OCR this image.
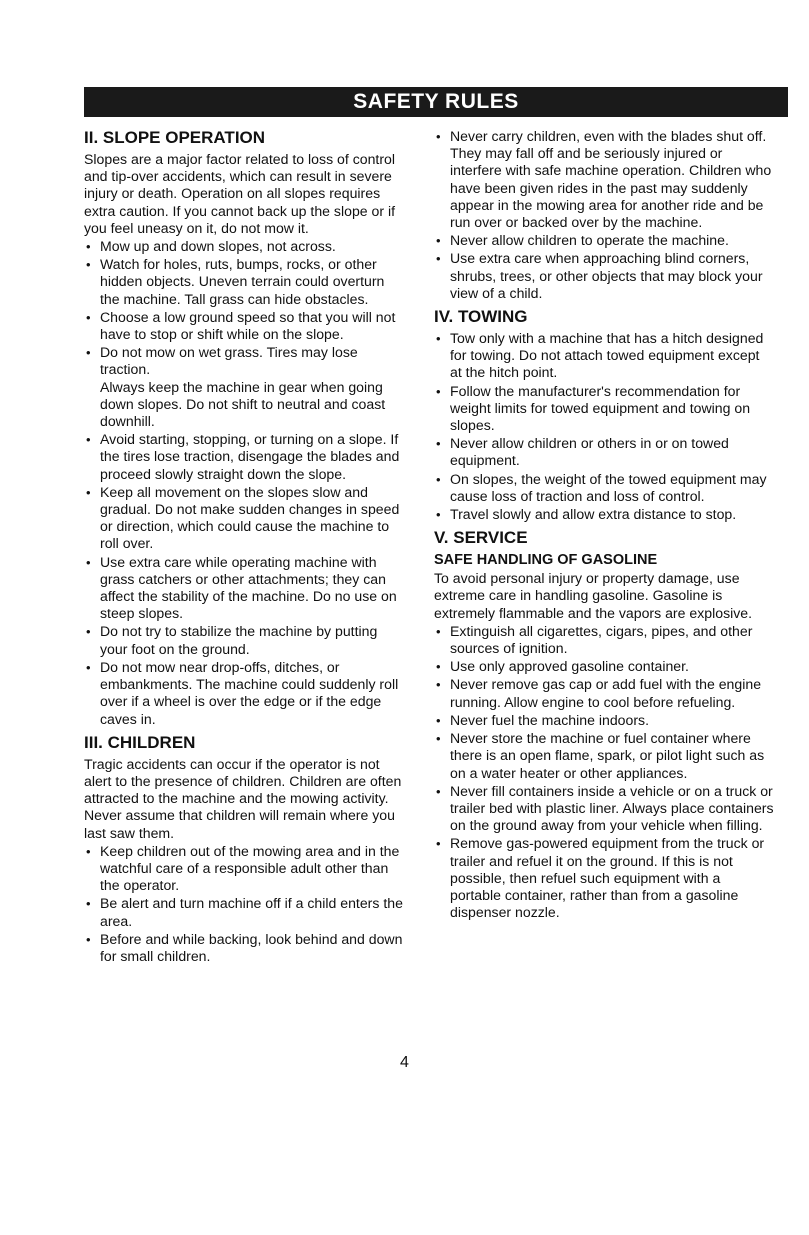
SAFETY RULES
II. SLOPE OPERATION

Slopes are a major factor related to loss of control and tip-over accidents, which can result in severe injury or death. Operation on all slopes requires extra caution. If you cannot back up the slope or if you feel uneasy on it, do not mow it.

• Mow up and down slopes, not across.
• Watch for holes, ruts, bumps, rocks, or other hidden objects. Uneven terrain could overturn the machine. Tall grass can hide obstacles.
• Choose a low ground speed so that you will not have to stop or shift while on the slope.
• Do not mow on wet grass. Tires may lose traction.
Always keep the machine in gear when going down slopes. Do not shift to neutral and coast downhill.
• Avoid starting, stopping, or turning on a slope. If the tires lose traction, disengage the blades and proceed slowly straight down the slope.
• Keep all movement on the slopes slow and gradual. Do not make sudden changes in speed or direction, which could cause the machine to roll over.
• Use extra care while operating machine with grass catchers or other attachments; they can affect the stability of the machine. Do no use on steep slopes.
• Do not try to stabilize the machine by putting your foot on the ground.
• Do not mow near drop-offs, ditches, or embankments. The machine could suddenly roll over if a wheel is over the edge or if the edge caves in.
III. CHILDREN

Tragic accidents can occur if the operator is not alert to the presence of children. Children are often attracted to the machine and the mowing activity. Never assume that children will remain where you last saw them.

• Keep children out of the mowing area and in the watchful care of a responsible adult other than the operator.
• Be alert and turn machine off if a child enters the area.
• Before and while backing, look behind and down for small children.
• Never carry children, even with the blades shut off. They may fall off and be seriously injured or interfere with safe machine operation. Children who have been given rides in the past may suddenly appear in the mowing area for another ride and be run over or backed over by the machine.
• Never allow children to operate the machine.
• Use extra care when approaching blind corners, shrubs, trees, or other objects that may block your view of a child.
IV. TOWING
• Tow only with a machine that has a hitch designed for towing. Do not attach towed equipment except at the hitch point.
• Follow the manufacturer's recommendation for weight limits for towed equipment and towing on slopes.
• Never allow children or others in or on towed equipment.
• On slopes, the weight of the towed equipment may cause loss of traction and loss of control.
• Travel slowly and allow extra distance to stop.
V. SERVICE
SAFE HANDLING OF GASOLINE

To avoid personal injury or property damage, use extreme care in handling gasoline. Gasoline is extremely flammable and the vapors are explosive.

• Extinguish all cigarettes, cigars, pipes, and other sources of ignition.
• Use only approved gasoline container.
• Never remove gas cap or add fuel with the engine running. Allow engine to cool before refueling.
• Never fuel the machine indoors.
• Never store the machine or fuel container where there is an open flame, spark, or pilot light such as on a water heater or other appliances.
• Never fill containers inside a vehicle or on a truck or trailer bed with plastic liner. Always place containers on the ground away from your vehicle when filling.
• Remove gas-powered equipment from the truck or trailer and refuel it on the ground. If this is not possible, then refuel such equipment with a portable container, rather than from a gasoline dispenser nozzle.
4
